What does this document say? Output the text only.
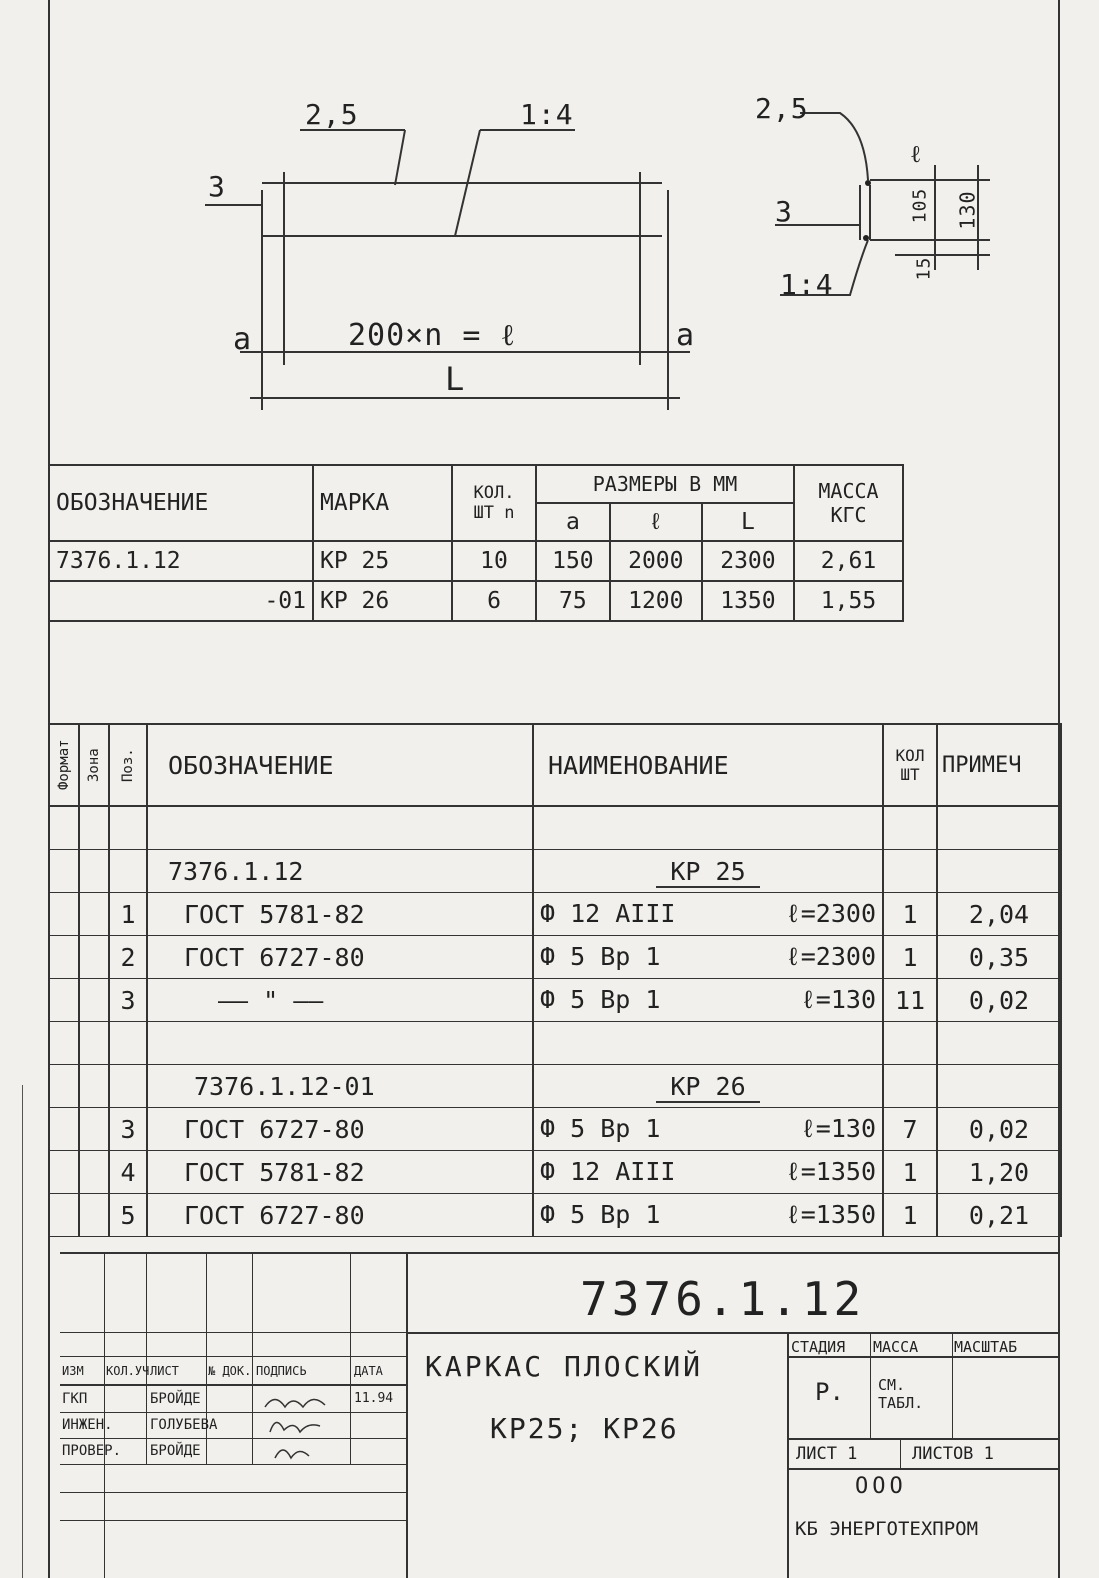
2,5	1:4
3
a	a
200×n = ℓ
L
2,5
3
1:4
ℓ
105 130
15
ОБОЗНАЧЕНИЕ	МАРКА	КОЛ. ШТ n	РАЗМЕРЫ В ММ			МАССА КГС
			a	ℓ	L	
7376.1.12	КР 25	10	150	2000	2300	2,61
-01	КР 26	6	75	1200	1350	1,55
Формат	Зона	Поз.	ОБОЗНАЧЕНИЕ	НАИМЕНОВАНИЕ	КОЛ ШТ	ПРИМЕЧ

			7376.1.12	КР 25		
		1	ГОСТ 5781-82	Ф 12 АIII ℓ=2300	1	2,04
		2	ГОСТ 6727-80	Ф 5 Вр 1 ℓ=2300	1	0,35
		3	—— " ——	Ф 5 Вр 1 ℓ=130	11	0,02

			7376.1.12-01	КР 26		
		3	ГОСТ 6727-80	Ф 5 Вр 1 ℓ=130	7	0,02
		4	ГОСТ 5781-82	Ф 12 АIII ℓ=1350	1	1,20
		5	ГОСТ 6727-80	Ф 5 Вр 1 ℓ=1350	1	0,21
7376.1.12
КАРКАС ПЛОСКИЙ
КР25; КР26
СТАДИЯ МАССА МАСШТАБ
Р. СМ. ТАБЛ.
ЛИСТ 1	ЛИСТОВ 1
ООО
КБ ЭНЕРГОТЕХПРОМ
ИЗМ КОЛ.УЧ ЛИСТ № ДОК. ПОДПИСЬ	ДАТА
ГКП	БРОЙДЕ	11.94
ИНЖЕН.	ГОЛУБЕВА
ПРОВЕР. БРОЙДЕ
